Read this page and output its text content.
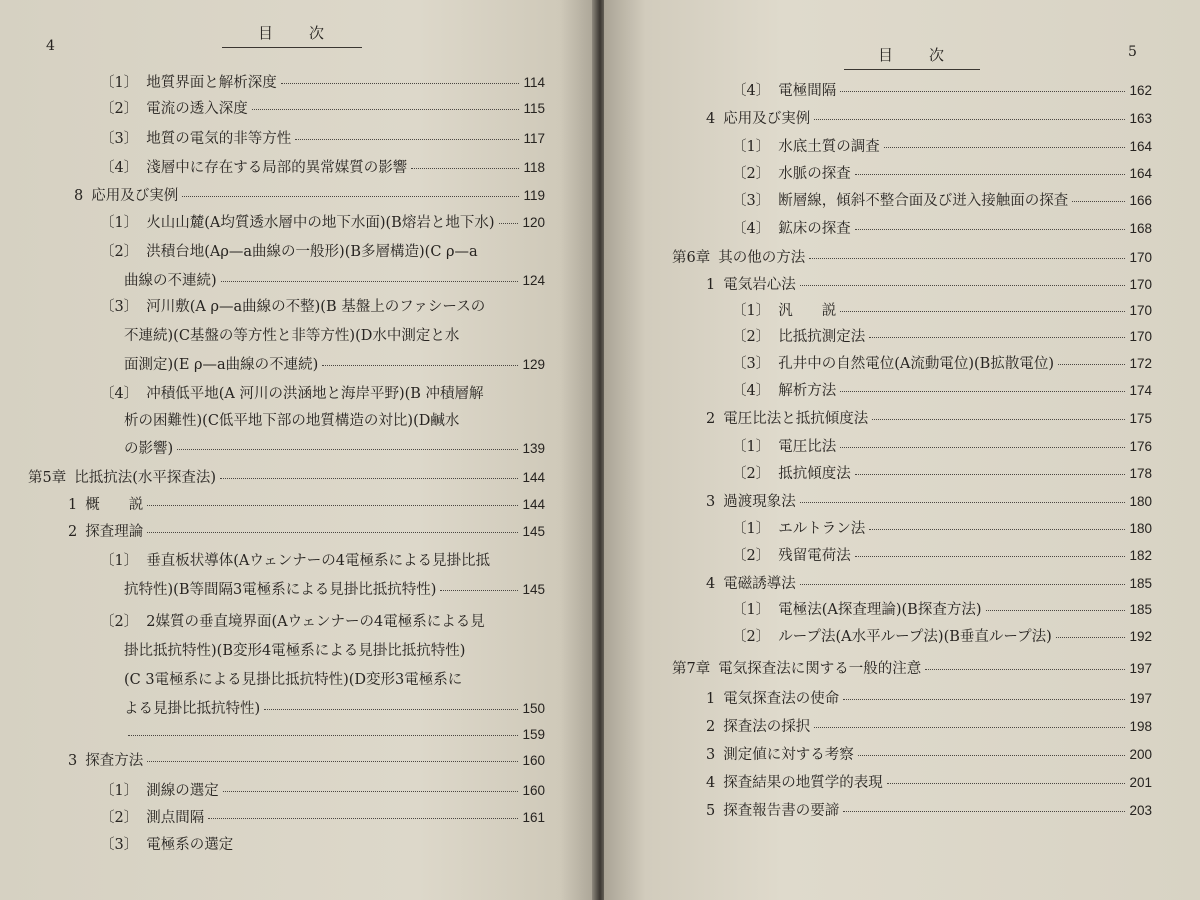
4
目　　次
〔1〕 地質界面と解析深度	114
〔2〕 電流の透入深度	115
〔3〕 地質の電気的非等方性	117
〔4〕 淺層中に存在する局部的異常媒質の影響	118
8 応用及び実例	119
〔1〕 火山山麓(A均質透水層中の地下水面)(B熔岩と地下水) 120
〔2〕 洪積台地(Aρ—a曲線の一般形)(B多層構造)(C ρ—a
曲線の不連続)	124
〔3〕 河川敷(A ρ—a曲線の不整)(B 基盤上のファシースの
不連続)(C基盤の等方性と非等方性)(D水中測定と水
面測定)(E ρ—a曲線の不連続)	129
〔4〕 冲積低平地(A 河川の洪涵地と海岸平野)(B 冲積層解
析の困難性)(C低平地下部の地質構造の対比)(D鹹水
の影響)	139
第5章 比抵抗法(水平探査法)	144
1 概　　説	144
2 探査理論	145
〔1〕 垂直板状導体(Aウェンナーの4電極系による見掛比抵
抗特性)(B等間隔3電極系による見掛比抵抗特性)	145
〔2〕 2媒質の垂直境界面(Aウェンナーの4電極系による見
掛比抵抗特性)(B変形4電極系による見掛比抵抗特性)
(C 3電極系による見掛比抵抗特性)(D変形3電極系に
よる見掛比抵抗特性)	150
159
3 探査方法	160
〔1〕 測線の選定	160
〔2〕 測点間隔	161
〔3〕 電極系の選定
目　　次	5
〔4〕 電極間隔	162
4 応用及び実例	163
〔1〕 水底土質の調査	164
〔2〕 水脈の探査	164
〔3〕 断層線，傾斜不整合面及び迸入接触面の探査	166
〔4〕 鉱床の探査	168
第6章 其の他の方法	170
1 電気岩心法	170
〔1〕 汎　　説	170
〔2〕 比抵抗測定法	170
〔3〕 孔井中の自然電位(A流動電位)(B拡散電位)	172
〔4〕 解析方法	174
2 電圧比法と抵抗傾度法	175
〔1〕 電圧比法	176
〔2〕 抵抗傾度法	178
3 過渡現象法	180
〔1〕 エルトラン法	180
〔2〕 残留電荷法	182
4 電磁誘導法	185
〔1〕 電極法(A探査理論)(B探査方法)	185
〔2〕 ループ法(A水平ループ法)(B垂直ループ法)	192
第7章 電気探査法に関する一般的注意	197
1 電気探査法の使命	197
2 探査法の採択	198
3 測定値に対する考察	200
4 探査結果の地質学的表現	201
5 探査報告書の要諦	203
